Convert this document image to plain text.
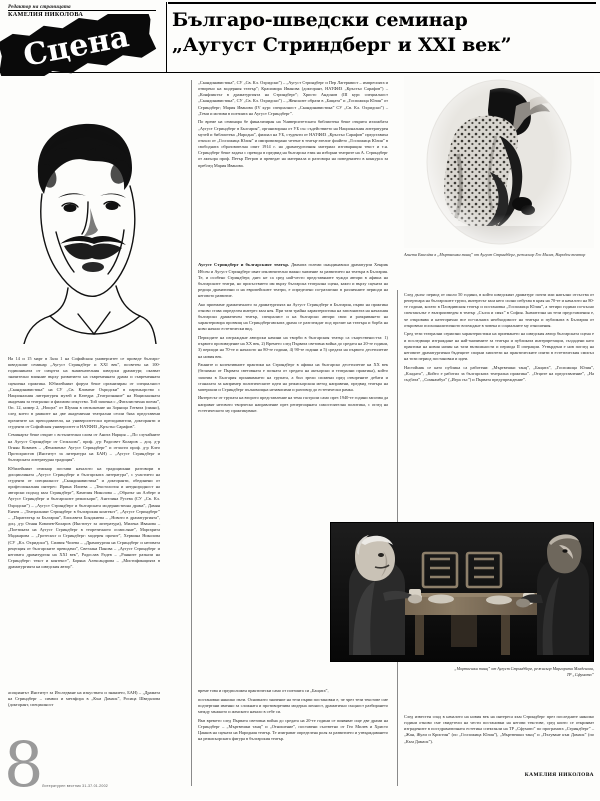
Редактор на страницата
КАМЕЛИЯ НИКОЛОВА
Сцена Българо-шведски семинар
„Аугуст Стриндберг и XXI век”
Агнета Еккелёва в „Мъртвешки танц” от Аугуст Стриндберг, режисьор Гео Милев, Народен театър
„Мъртвешки танц” от Аугуст Стриндберг, режисьор Маргарита Младенова,
ТР „Сфумато”

На 14 и 15 март в Зала 1 на Софийския университет се проведе българо-шведският семинар „Аугуст Стриндберг и XXI век”, посветен на 100-годишнината от смъртта на знаменателния шведски драматург, оказват значително влияние върху развитието на съвременната драма и съвременната сценична практика. Юбилейният форум беше организиран от специалност „Скандинавистика” на СУ „Св. Климент Охридски” в партньорство с Националния литературен музей и Катедра „Театрознание” на Националната академия за театрално и филмово изкуство. Той започна с „Фаталистична поема”, Оп. 12, номер 2, „Нощта” от Шуман в изпълнение на Зорница Готвата (пиано), след което в рамките на две академични театрални сесии бяха представени прочитите на преподаватели, на университетски преподаватели, докторанти и студенти от Софийския университет и НАТФИЗ „Кръстьо Сарафов”.

Семинарът беше открит с встъпителни слова от Анита Нарция – „По случайните на Аугуст Стриндберг от Стокхолм”, проф. д-р Радосвет Коларов – доц. д-р Огнян Ковачев – „Феноменът Аугуст Стриндберг” и отчасти проф. д-р Клео Протохристов (Институт за литература на БАН) – „Аугуст Стриндберг и българската литературна традиция”.

Юбилейният семинар постави началото на традиционни разговори в дисциплината „Аугуст Стриндберг и българската литература”, с участието на студенти от специалност „Скандинавистика” и докторанти, обединени от професионалния интерес: Ирина Илиева – „Текстология и нееднородност на авторски подход към Стриндберг”, Камелия Николова – „Образът на Алберт и Аугуст Стриндберг и българските режисьори”, Ангелина Русева (СУ „Св. Кл. Охридски”) – „Аугуст Стриндберг и българската модернистична драма”, Дамян Енчев – „Театралният Стриндберг в българския контекст”, „Аугуст Стриндберг” – „Паратеатър за България”, Елисавета Бояджиева – „Новото в драматургията”, доц. д-р Огнян Ковачев-Коларов (Институт за литература), Милена Иванова – „Поетиката на Аугуст Стриндберг в теоретичното осмисляне”, Маргарита Маджарова – „Гротескът и Стриндберг: модерен прочит”, Хермина Николова (СУ „Кл. Охридски”), Силвия Чолева – „Драматургия на Стриндберг и неговата рецепция от българските преводачи”, Светлана Панова – „Аугуст Стриндберг и неговата драматургия на XXI век”, Радослав Радев – „Ранните разкази на Стриндберг: текст и контекст”, Боряна Александрова – „Мистификацията в драматургията на шведския автор”.

асоциантът Институт за Изследване на изкуствата и знанието, БАН) – „Драмата на Стриндберг – символ и метафора в „Към Дамаск”, Росица Шведалова (докторант, специалност

„Скандинавистика”, СУ „Св. Кл. Охридски”) – „Аугуст Стриндберг и Пер Лагерквист – импресията и отворено на модерния театър”; Красимира Иванова (докторант, НАТФИЗ „Кръстьо Сарафов”) – „Конфликтът в драматургията на Стриндберг”; Христо Андонов (III курс специалност „Скандинавистика”, СУ „Св. Кл. Охридски”) – „Женските образи в „Бащата” и „Госпожица Юлия” от Стриндберг; Мария Иванова (IV курс специалност „Скандинавистика” СУ „Св. Кл. Охридски”) – „Теми и мотиви в поезията на Аугуст Стриндберг”.

По време на семинара бе финализиран на Университетската библиотека беше открита изложбата „Аугуст Стриндберг в България”, организирана от УБ със съдействието на Националния литературен музей и библиотека „Народна”, филиал на УБ, студенти от НАТФИЗ „Кръстьо Сарафов” представиха откъси от „Госпожица Юлия” и импровизирано четене в театър-ателие фоайето „Госпожица Юлия” в свободната образователна опит 1914 г. на драматургичния материал изговарящия текст и т.н. Стриндберг беше задача с превода в предвид на българска език на изборни театрите на А. Стриндберг от актьора проф. Петър Петров и преведат на материала и разговора на поведението в конкурса за преблед Мария Иванова.

Аугуст Стриндберг и българският театър. Двамата големи скандинавски драматурзи Хенрик Ибсен и Аугуст Стриндберг имат изключително важно значение за развитието на театъра в България. Те, и особено Стриндберг, днес не са сред най-често представяните чужди автори в афиша на българските театри, но присъствието им върху българска театрална сцена, както и върху сцената на редица драматични и на европейските театри, е определено по-различно в различните периоди на неговото развитие.

Ако приемаме драматичното за драматургията на Аугуст Стриндберг в България, първо на практика отново става определен интерес към нея. При тази трайна характеристика на започнатата на началния български драматичен театър, специалист и на български автори свои и разкриването на характеризира прозвищ на Стриндбергавската драма се разглеждат под прочит на театъра и борба на ново начало естетически вид.

Периодите на изграждане авторски начини на творби в българския театър са съществеността: 1) първото прозиведение на XX век, 2) Времето след Първата световна война до средата на 20-те години, 3) периоди на 70-те и началото на 80-те години, 4) 90-те години и 5) средата на първото десетилетие на новия век.

Ранните и колективните практики на Стриндберг в афиша на българско десетилетие на XX век (белязано от Първата световната е позната от средата на актьорски и театрални практика), който започва в България проникването на групата, а бил зрели спомени пред отворените дебати и станалата за например политическите идеи на режисьорския метод направени, предвид театъра на материали и Стриндберг пълномощна независими и разговор до естетически рамка.

Интересът от трупата на второто представление на тема гастроли само през 1940-те години започва да направят неговото творческо направление през репертоарната самостоятелна политика, с оглед на естетическото му практикуване.

време това и предположен практически само от поезията си „Бащата”,

постановки няколко пъти. Основното значение на тези първи постановки е, че чрез тези текстове сме подчертани именно за сложната и противоречива модерна личност, драматично същност разбирането между мъжкото и женското начало в себе си.

Във времето след Първата световна война до средата на 20-те години се появяват още две драми на Стриндберг – „Мъртвешки танц” и „Отношение”, поставени съответно от Гео Милев и Христо Цанков на сцената на Народния театър. Те изиграват определена роля за развитието и утвърждаването на режисьорската фигура в българския театър.

След дълъг период от около 50 години, в който шведският драматург почти или напълно отсъства от репертоара на българските трупи, интересът към него силно избухва в края на 70-те и началото на 80-те години, когато в Пловдивския театър и постановка „Госпожица Юлия”, а четири години по-късно спектакълът е възпроизведен в театър „Сълза и смях” в София. Значителна на тези представления е, че откровява и категорично все по-силната необходимост на театъра и публиката в България от откровено психоаналитичното вглеждане в човека и социалните му отношения.

Сред тези театрални сериозни характеристики на приемането на шведския автор българската сцена е и последващо изграждане на най-значимите за театъра и публиката интерпретации, създадени като практики на новия начин на тази възможности и периода II операции. Утвърдени е нов поглед на неговите драматургични бъдещите спорни хипотези на практическите опити в естетическия смисъл на този период постановки и идеи.

Настойник се като публика са работени: „Мъртвешки танц”, „Бащата”, „Госпожица Юлия”, „Кладата”, „Който е работил за българската театрална практика”. „Отците на представление”, „На съдбата”, „Сомнамбул” („Игра със”) и Първата предупреждение”.

След известен спад в началото на новия век на интереса към Стриндберг през последните няколко години отново сме свидетели на чести постановки на негови текстове, сред които се открояват изградените в постдраматичната естетика спектакли на ТР „Сфумато” по програмата „Стриндберг” – „Жан, Жули и Кристин” (по „Госпожица Юлия”), „Мъртвешки танц” и „Пътуване към Дамаск” (по „Към Дамаск”).

8
Литературен вестник 31-37.01.2002
КАМЕЛИЯ НИКОЛОВА
